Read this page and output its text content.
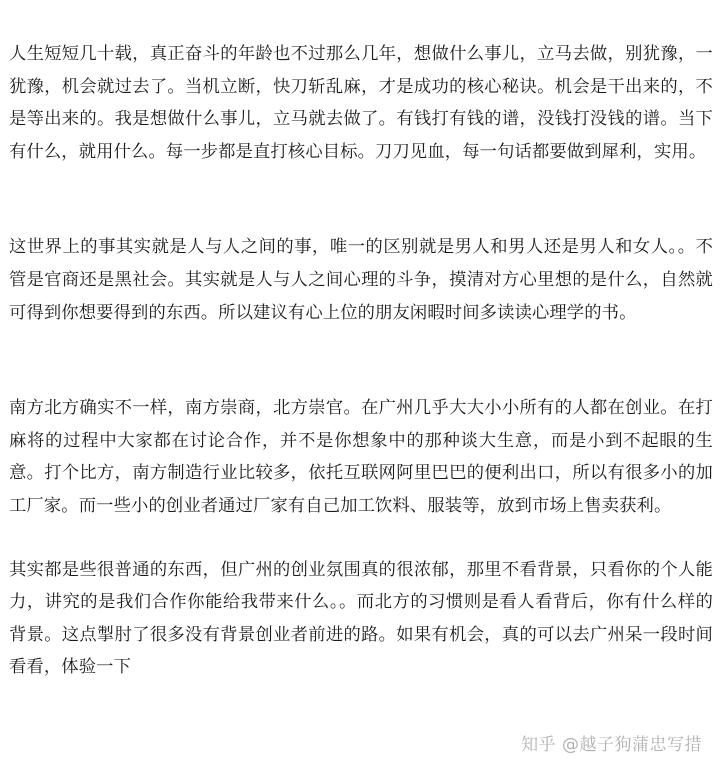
人生短短几十载，真正奋斗的年龄也不过那么几年，想做什么事儿，立马去做，别犹豫，一犹豫，机会就过去了。当机立断，快刀斩乱麻，才是成功的核心秘诀。机会是干出来的，不是等出来的。我是想做什么事儿，立马就去做了。有钱打有钱的谱，没钱打没钱的谱。当下有什么，就用什么。每一步都是直打核心目标。刀刀见血，每一句话都要做到犀利，实用。

这世界上的事其实就是人与人之间的事，唯一的区别就是男人和男人还是男人和女人。。不管是官商还是黑社会。其实就是人与人之间心理的斗争，摸清对方心里想的是什么，自然就可得到你想要得到的东西。所以建议有心上位的朋友闲暇时间多读读心理学的书。

南方北方确实不一样，南方崇商，北方崇官。在广州几乎大大小小所有的人都在创业。在打麻将的过程中大家都在讨论合作，并不是你想象中的那种谈大生意，而是小到不起眼的生意。打个比方，南方制造行业比较多，依托互联网阿里巴巴的便利出口，所以有很多小的加工厂家。而一些小的创业者通过厂家有自己加工饮料、服装等，放到市场上售卖获利。

其实都是些很普通的东西，但广州的创业氛围真的很浓郁，那里不看背景，只看你的个人能力，讲究的是我们合作你能给我带来什么。。而北方的习惯则是看人看背后，你有什么样的背景。这点掣肘了很多没有背景创业者前进的路。如果有机会，真的可以去广州呆一段时间看看，体验一下

知乎 @越子狗蒲忠写措
